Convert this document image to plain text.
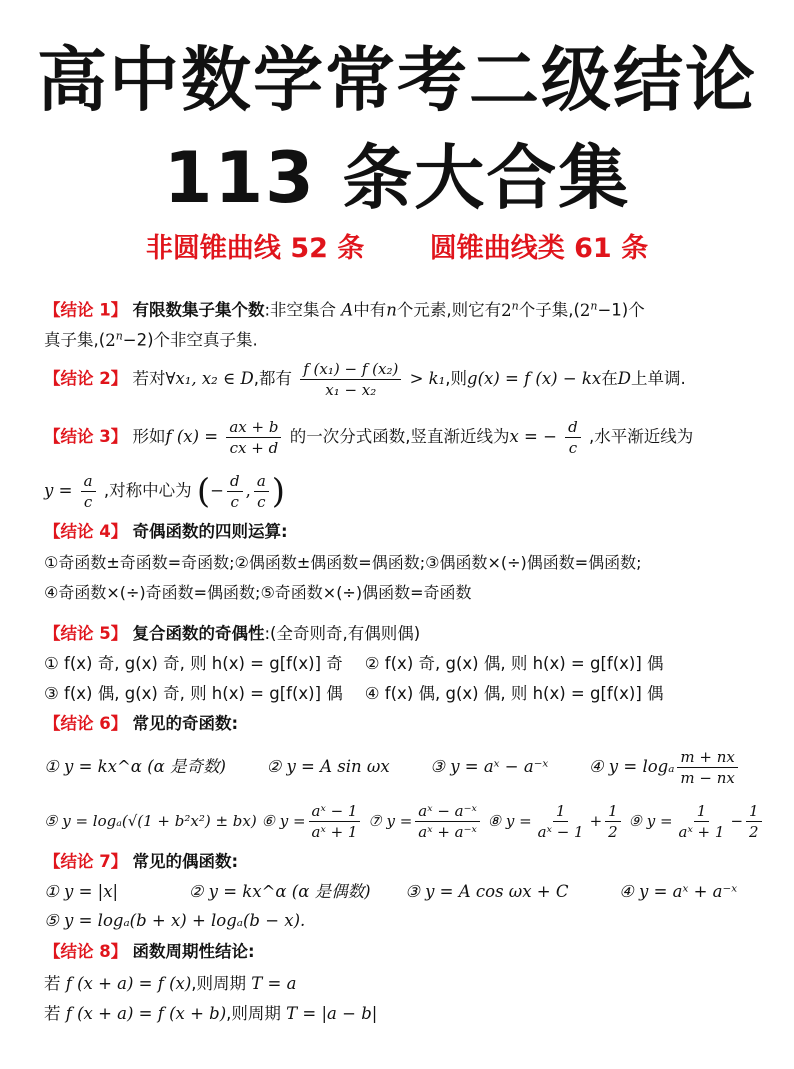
高中数学常考二级结论
113 条大合集
非圆锥曲线 52 条 圆锥曲线类 61 条
【结论 1】 有限数集子集个数:非空集合 A中有n个元素,则它有2$^n$个子集$,(2^n-1)$个
真子集$,(2^n-2)$个非空真子集.
【结论 2】 若对∀x₁, x₂ ∈ D,都有 $\frac{\text{f (x₁) − f (x₂)}}{\text{x₁ − x₂}} > k_1$,则g(x) = f (x) − kx在D上单调.
【结论 3】 形如f $(x) = \frac{ax + b}{cx + d}$ 的一次分式函数,竖直渐近线为x = − $\frac{d}{c}$ ,水平渐近线为
$y = \frac{a}{c}$ ,对称中心为 (− $\frac{d}{c}$ , $\frac{a}{c}$ )
【结论 4】 奇偶函数的四则运算:
①奇函数±奇函数=奇函数;②偶函数±偶函数=偶函数;③偶函数×(÷)偶函数=偶函数;
④奇函数×(÷)奇函数=偶函数;⑤奇函数×(÷)偶函数=奇函数
【结论 5】 复合函数的奇偶性:(全奇则奇,有偶则偶)
① f(x) 奇, g(x) 奇, 则 h(x) = g[f(x)] 奇 ② f(x) 奇, g(x) 偶, 则 h(x) = g[f(x)] 偶
③ f(x) 偶, g(x) 奇, 则 h(x) = g[f(x)] 偶 ④ f(x) 偶, g(x) 偶, 则 h(x) = g[f(x)] 偶
【结论 6】 常见的奇函数:
① y = kx^α (α 是奇数) ② y = A sin ωx ③ y = aˣ − a⁻ˣ ④ y = logₐ $\frac{m + nx}{m - nx}$
⑤ y = logₐ(√(1 + b²x²) ± bx) ⑥ $y = \frac{\text{aˣ − 1}}{\text{aˣ + 1}}$ ⑦ $y = \frac{\text{aˣ − a⁻ˣ}}{\text{aˣ + a⁻ˣ}}$ ⑧ $y = \frac{1}{\text{aˣ − 1}} + \frac{1}{2}$ ⑨ $y = \frac{1}{\text{aˣ + 1}} - \frac{1}{2}$
【结论 7】 常见的偶函数:
① y = |x|	② y = kx^α (α 是偶数) ③ y = A cos ωx + C	④ y = aˣ + a⁻ˣ
⑤ y = logₐ(b + x) + logₐ(b − x).
【结论 8】 函数周期性结论:
若 f (x + a) = f (x),则周期 T = a
若 f (x + a) = f (x + b),则周期 T = |a − b|
